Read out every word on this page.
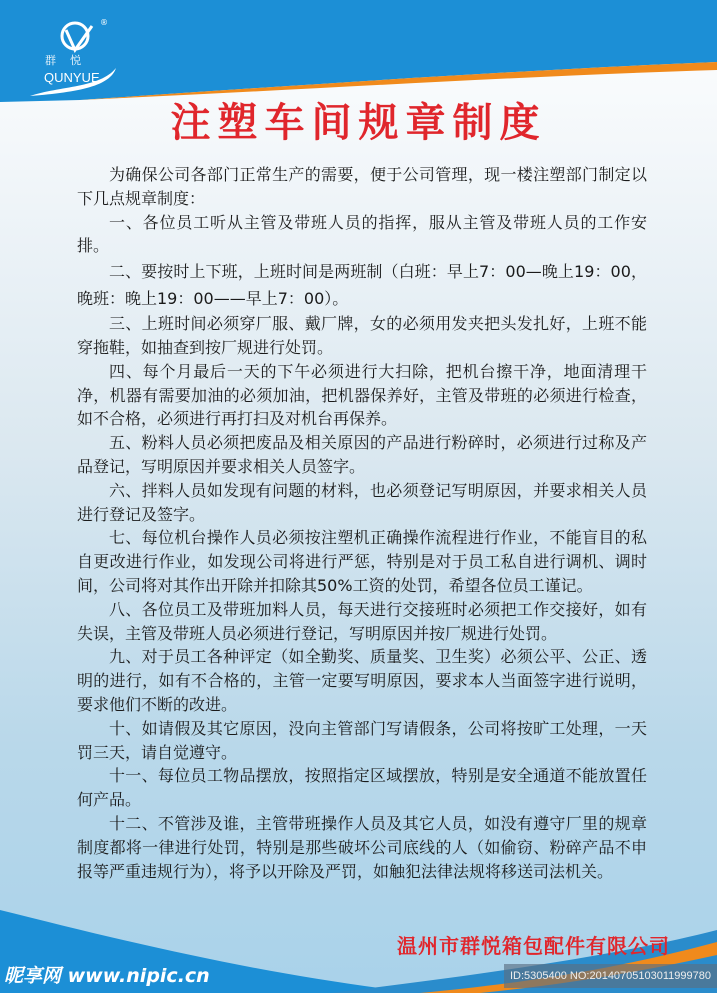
群悦
QUNYUE
®
注塑车间规章制度

为确保公司各部门正常生产的需要，便于公司管理，现一楼注塑部门制定以下几点规章制度：

一、各位员工听从主管及带班人员的指挥，服从主管及带班人员的工作安排。

二、要按时上下班，上班时间是两班制（白班：早上7：00—晚上19：00，晚班：晚上19：00——早上7：00）。

三、上班时间必须穿厂服、戴厂牌，女的必须用发夹把头发扎好，上班不能穿拖鞋，如抽查到按厂规进行处罚。

四、每个月最后一天的下午必须进行大扫除，把机台擦干净，地面清理干净，机器有需要加油的必须加油，把机器保养好，主管及带班的必须进行检查，如不合格，必须进行再打扫及对机台再保养。

五、粉料人员必须把废品及相关原因的产品进行粉碎时，必须进行过称及产品登记，写明原因并要求相关人员签字。

六、拌料人员如发现有问题的材料，也必须登记写明原因，并要求相关人员进行登记及签字。

七、每位机台操作人员必须按注塑机正确操作流程进行作业，不能盲目的私自更改进行作业，如发现公司将进行严惩，特别是对于员工私自进行调机、调时间，公司将对其作出开除并扣除其50%工资的处罚，希望各位员工谨记。

八、各位员工及带班加料人员，每天进行交接班时必须把工作交接好，如有失误，主管及带班人员必须进行登记，写明原因并按厂规进行处罚。

九、对于员工各种评定（如全勤奖、质量奖、卫生奖）必须公平、公正、透明的进行，如有不合格的，主管一定要写明原因，要求本人当面签字进行说明，要求他们不断的改进。

十、如请假及其它原因，没向主管部门写请假条，公司将按旷工处理，一天罚三天，请自觉遵守。

十一、每位员工物品摆放，按照指定区域摆放，特别是安全通道不能放置任何产品。

十二、不管涉及谁，主管带班操作人员及其它人员，如没有遵守厂里的规章制度都将一律进行处罚，特别是那些破坏公司底线的人（如偷窃、粉碎产品不申报等严重违规行为），将予以开除及严罚，如触犯法律法规将移送司法机关。

温州市群悦箱包配件有限公司
昵享网 www.nipic.cn	ID:5305400 NO:20140705103011999780
